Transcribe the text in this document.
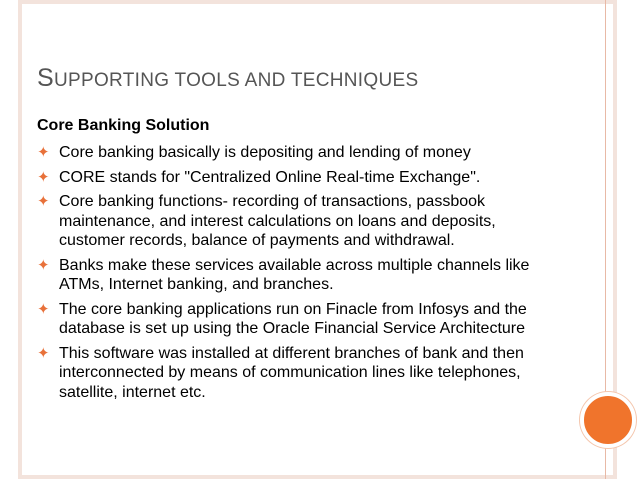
SUPPORTING TOOLS AND TECHNIQUES
Core Banking Solution
✦ Core banking basically is depositing and lending of money
✦ CORE stands for "Centralized Online Real-time Exchange".
✦ Core banking functions- recording of transactions, passbook maintenance, and interest calculations on loans and deposits, customer records, balance of payments and withdrawal.
✦ Banks make these services available across multiple channels like ATMs, Internet banking, and branches.
✦ The core banking applications run on Finacle from Infosys and the database is set up using the Oracle Financial Service Architecture
✦ This software was installed at different branches of bank and then interconnected by means of communication lines like telephones, satellite, internet etc.
